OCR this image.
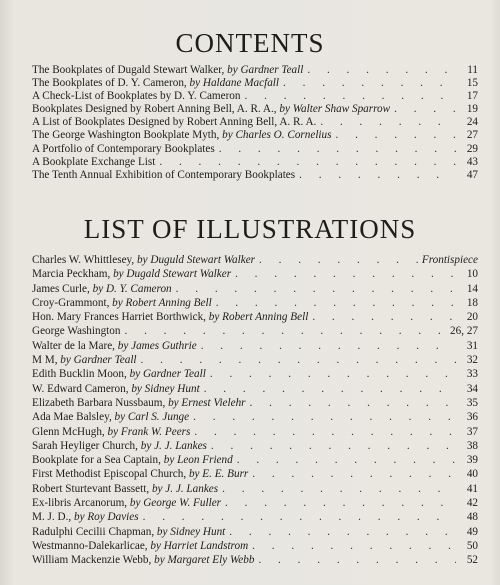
CONTENTS
The Bookplates of Dugald Stewart Walker, by Gardner Teall . . .	11
The Bookplates of D. Y. Cameron, by Haldane Macfall . . .	15
A Check-List of Bookplates by D. Y. Cameron . . .	17
Bookplates Designed by Robert Anning Bell, A. R. A., by Walter Shaw Sparrow . . .	19
A List of Bookplates Designed by Robert Anning Bell, A. R. A. . . .	24
The George Washington Bookplate Myth, by Charles O. Cornelius . . .	27
A Portfolio of Contemporary Bookplates . . .	29
A Bookplate Exchange List . . .	43
The Tenth Annual Exhibition of Contemporary Bookplates . . .	47
LIST OF ILLUSTRATIONS
Charles W. Whittlesey, by Duguld Stewart Walker . . .	Frontispiece
Marcia Peckham, by Dugald Stewart Walker . . .	10
James Curle, by D. Y. Cameron . . .	14
Croy-Grammont, by Robert Anning Bell . . .	18
Hon. Mary Frances Harriet Borthwick, by Robert Anning Bell . . .	20
George Washington . . .	26, 27
Walter de la Mare, by James Guthrie . . .	31
M M, by Gardner Teall . . .	32
Edith Bucklin Moon, by Gardner Teall . . .	33
W. Edward Cameron, by Sidney Hunt . . .	34
Elizabeth Barbara Nussbaum, by Ernest Vielehr . . .	35
Ada Mae Balsley, by Carl S. Junge . . .	36
Glenn McHugh, by Frank W. Peers . . .	37
Sarah Heyliger Church, by J. J. Lankes . . .	38
Bookplate for a Sea Captain, by Leon Friend . . .	39
First Methodist Episcopal Church, by E. E. Burr . . .	40
Robert Sturtevant Bassett, by J. J. Lankes . . .	41
Ex-libris Arcanorum, by George W. Fuller . . .	42
M. J. D., by Roy Davies . . .	48
Radulphi Cecilii Chapman, by Sidney Hunt . . .	49
Westmanno-Dalekarlicae, by Harriet Landstrom . . .	50
William Mackenzie Webb, by Margaret Ely Webb . . .	52
